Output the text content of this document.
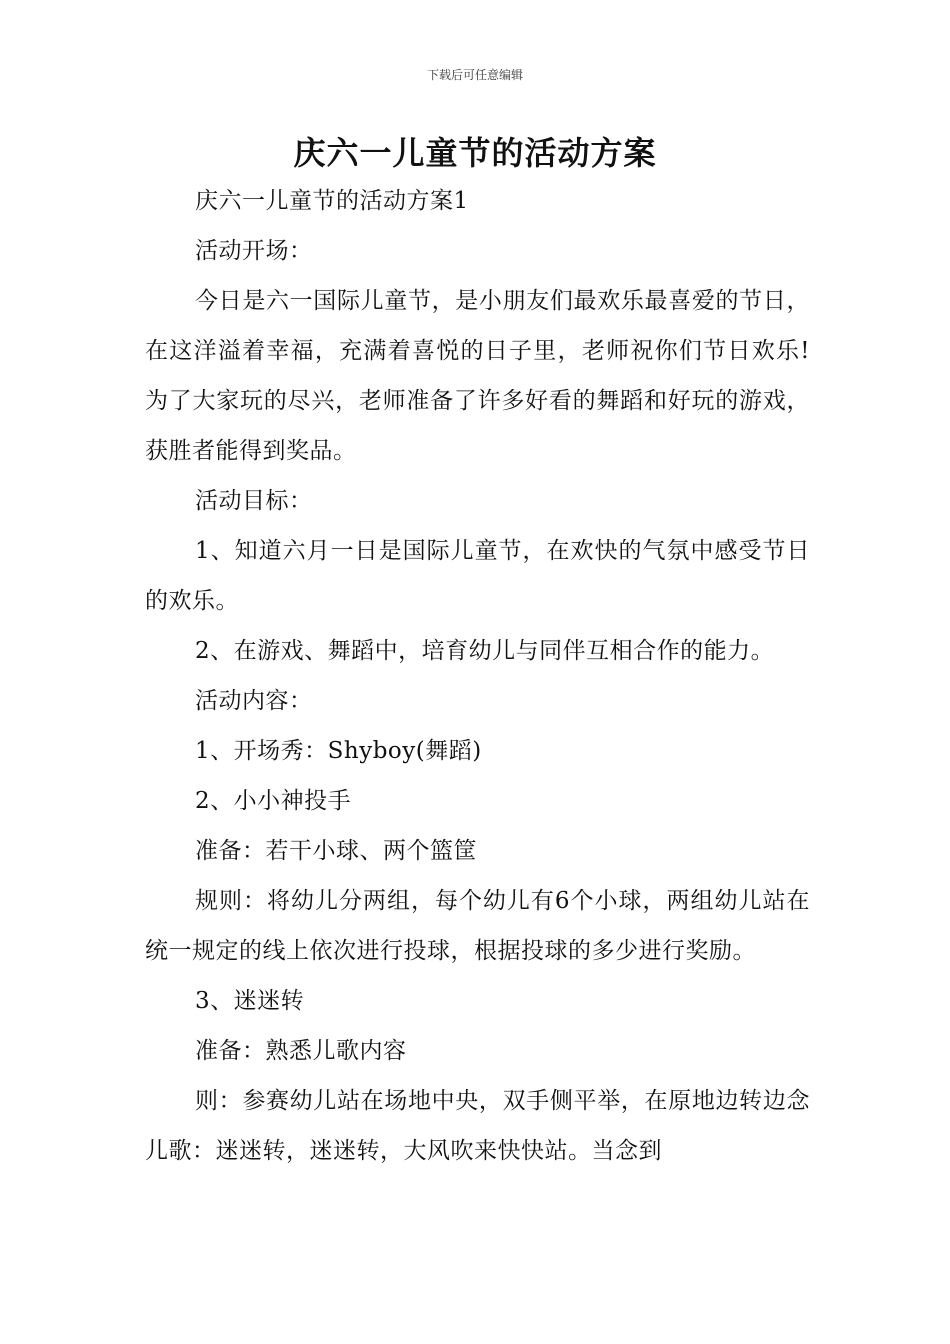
下载后可任意编辑
庆六一儿童节的活动方案

庆六一儿童节的活动方案1

活动开场：

今日是六一国际儿童节，是小朋友们最欢乐最喜爱的节日，在这洋溢着幸福，充满着喜悦的日子里，老师祝你们节日欢乐!为了大家玩的尽兴，老师准备了许多好看的舞蹈和好玩的游戏，获胜者能得到奖品。

活动目标：

1、知道六月一日是国际儿童节，在欢快的气氛中感受节日的欢乐。

2、在游戏、舞蹈中，培育幼儿与同伴互相合作的能力。

活动内容：

1、开场秀：Shyboy(舞蹈)

2、小小神投手

准备：若干小球、两个篮筐

规则：将幼儿分两组，每个幼儿有6个小球，两组幼儿站在统一规定的线上依次进行投球，根据投球的多少进行奖励。

3、迷迷转

准备：熟悉儿歌内容

则：参赛幼儿站在场地中央，双手侧平举，在原地边转边念儿歌：迷迷转，迷迷转，大风吹来快快站。当念到
